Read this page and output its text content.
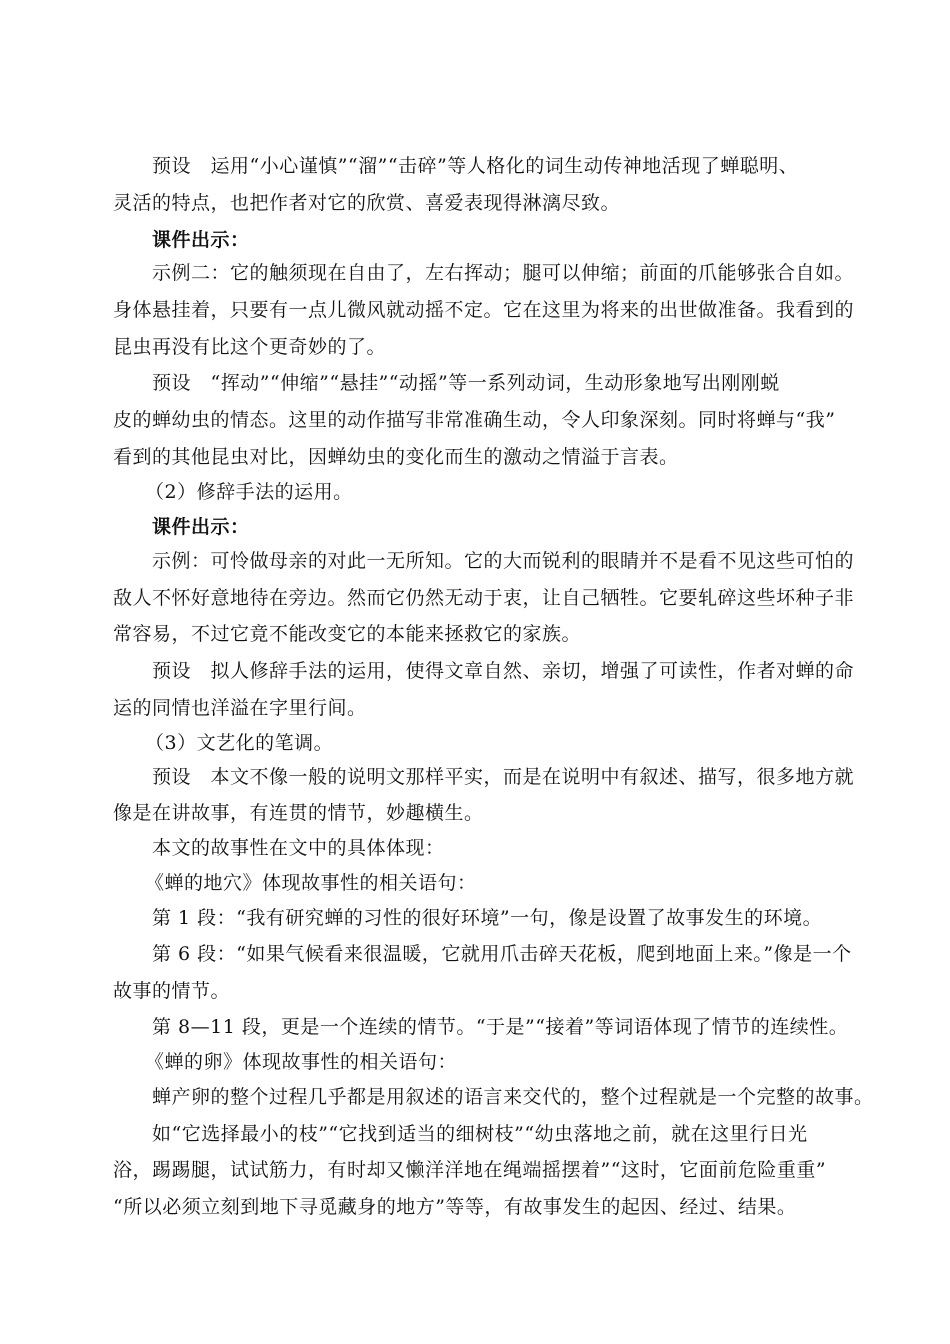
预设　运用“小心谨慎”“溜”“击碎”等人格化的词生动传神地活现了蝉聪明、
灵活的特点，也把作者对它的欣赏、喜爱表现得淋漓尽致。
课件出示：
示例二：它的触须现在自由了，左右挥动；腿可以伸缩；前面的爪能够张合自如。
身体悬挂着，只要有一点儿微风就动摇不定。它在这里为将来的出世做准备。我看到的
昆虫再没有比这个更奇妙的了。
预设　“挥动”“伸缩”“悬挂”“动摇”等一系列动词，生动形象地写出刚刚蜕
皮的蝉幼虫的情态。这里的动作描写非常准确生动，令人印象深刻。同时将蝉与“我”
看到的其他昆虫对比，因蝉幼虫的变化而生的激动之情溢于言表。
（2）修辞手法的运用。
课件出示：
示例：可怜做母亲的对此一无所知。它的大而锐利的眼睛并不是看不见这些可怕的
敌人不怀好意地待在旁边。然而它仍然无动于衷，让自己牺牲。它要轧碎这些坏种子非
常容易，不过它竟不能改变它的本能来拯救它的家族。
预设　拟人修辞手法的运用，使得文章自然、亲切，增强了可读性，作者对蝉的命
运的同情也洋溢在字里行间。
（3）文艺化的笔调。
预设　本文不像一般的说明文那样平实，而是在说明中有叙述、描写，很多地方就
像是在讲故事，有连贯的情节，妙趣横生。
本文的故事性在文中的具体体现：
《蝉的地穴》体现故事性的相关语句：
第 1 段：“我有研究蝉的习性的很好环境”一句，像是设置了故事发生的环境。
第 6 段：“如果气候看来很温暖，它就用爪击碎天花板，爬到地面上来。”像是一个
故事的情节。
第 8—11 段，更是一个连续的情节。“于是”“接着”等词语体现了情节的连续性。
《蝉的卵》体现故事性的相关语句：
蝉产卵的整个过程几乎都是用叙述的语言来交代的，整个过程就是一个完整的故事。
如“它选择最小的枝”“它找到适当的细树枝”“幼虫落地之前，就在这里行日光
浴，踢踢腿，试试筋力，有时却又懒洋洋地在绳端摇摆着”“这时，它面前危险重重”
“所以必须立刻到地下寻觅藏身的地方”等等，有故事发生的起因、经过、结果。
